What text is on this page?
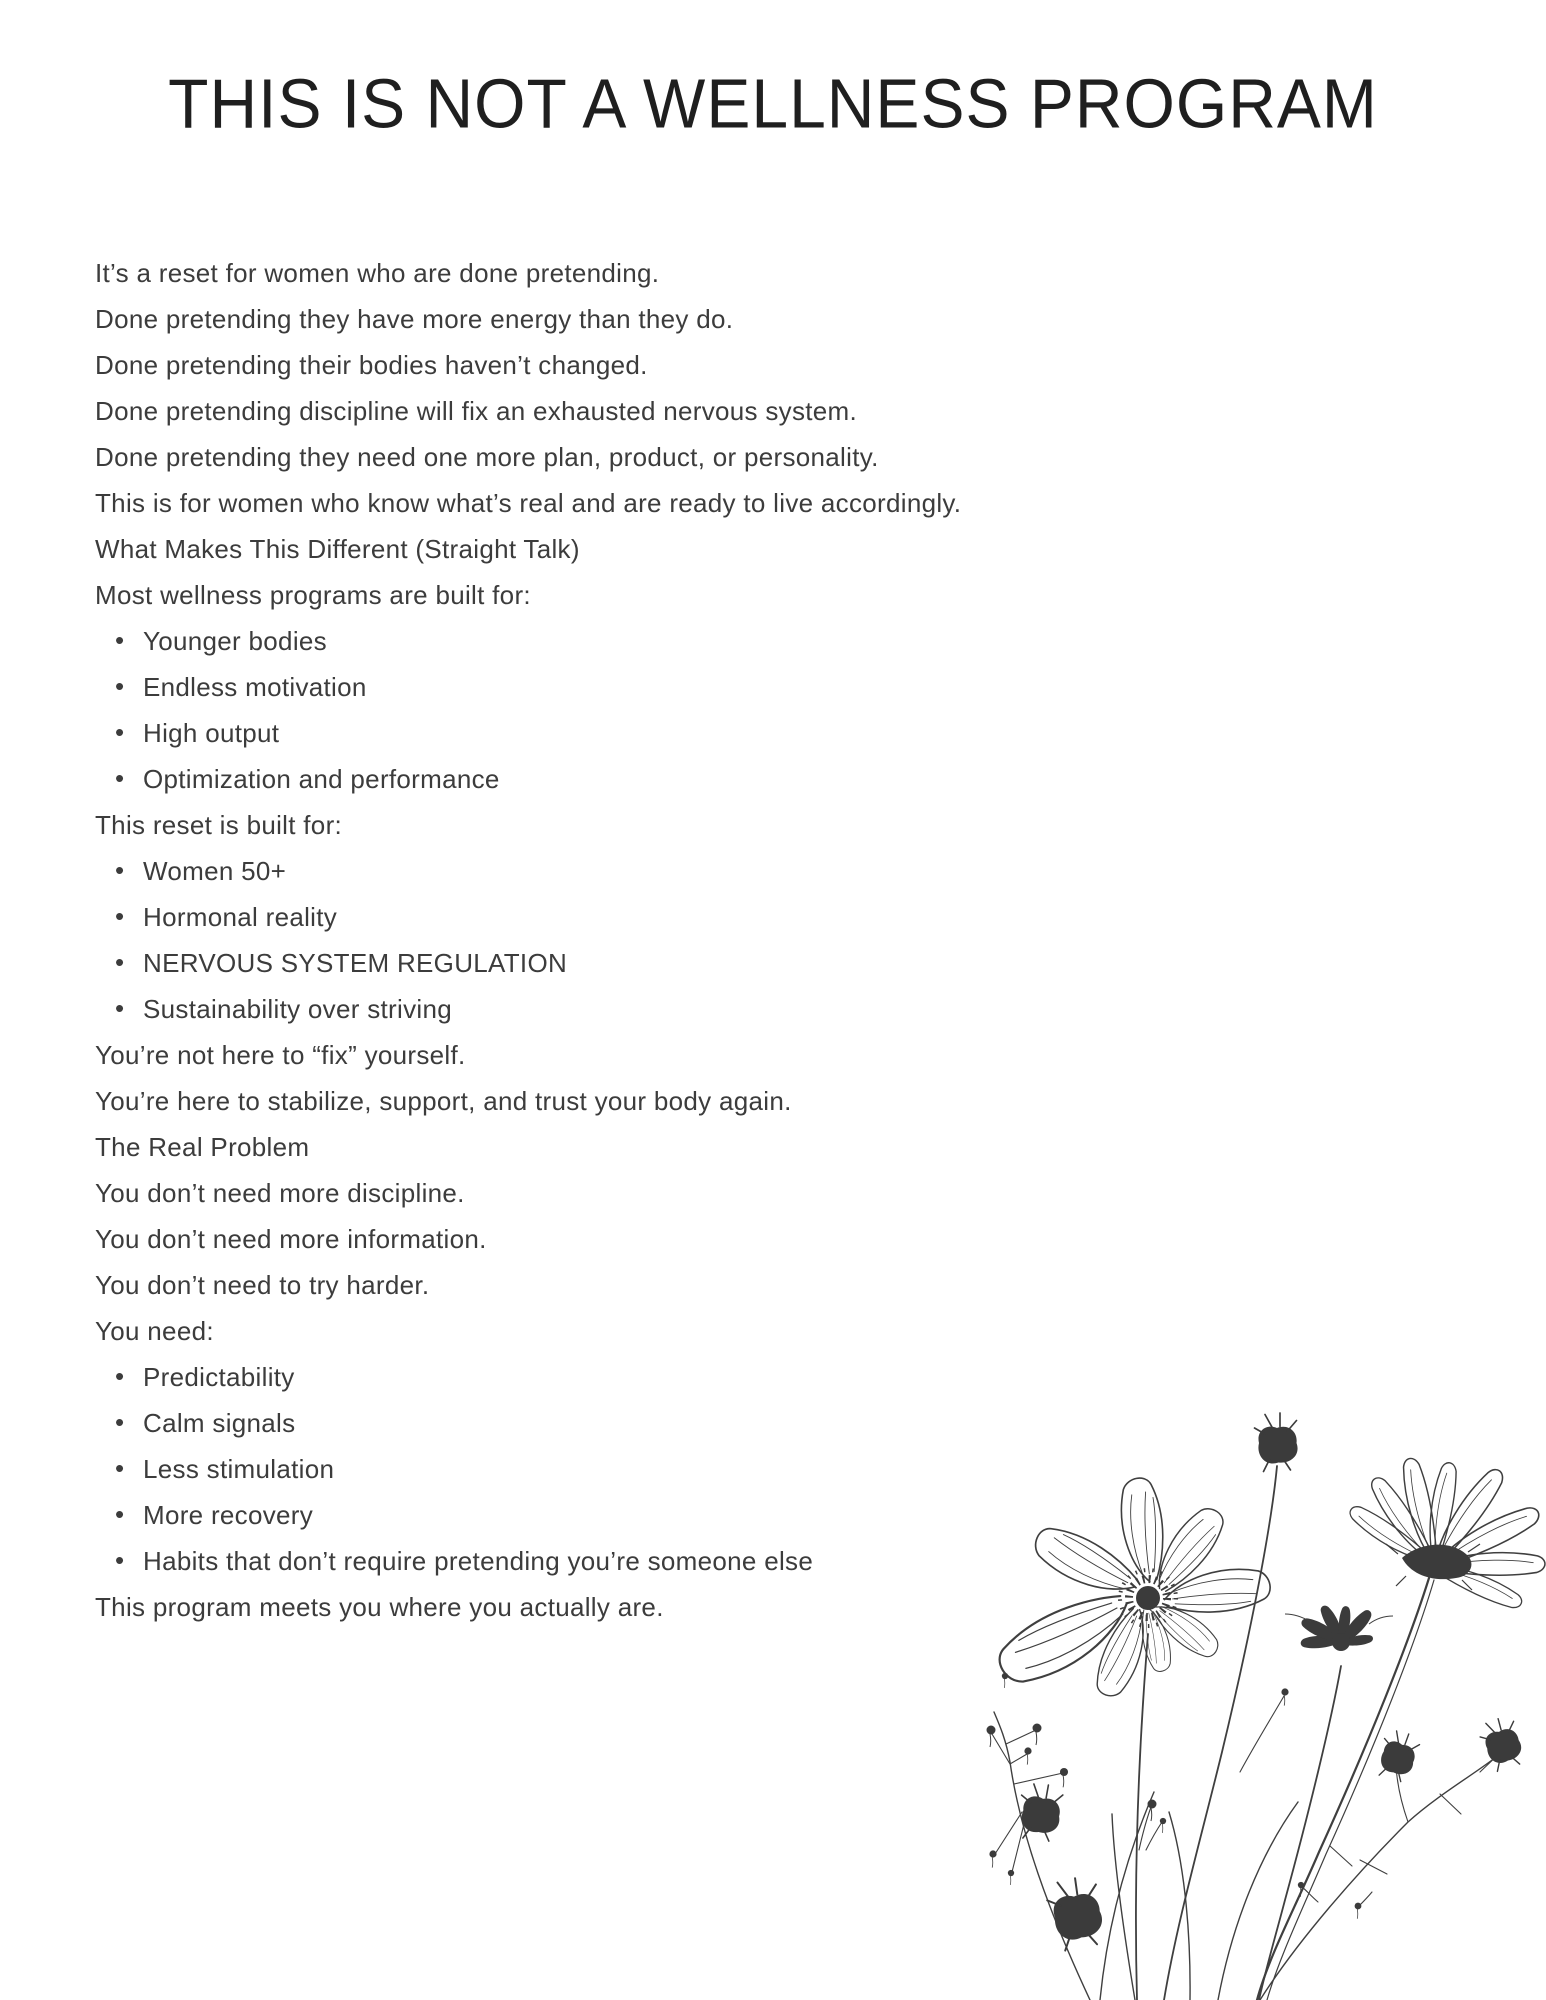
THIS IS NOT A WELLNESS PROGRAM

It’s a reset for women who are done pretending.

Done pretending they have more energy than they do.

Done pretending their bodies haven’t changed.

Done pretending discipline will fix an exhausted nervous system.

Done pretending they need one more plan, product, or personality.

This is for women who know what’s real and are ready to live accordingly.

What Makes This Different (Straight Talk)

Most wellness programs are built for:

• Younger bodies
• Endless motivation
• High output
• Optimization and performance

This reset is built for:

• Women 50+
• Hormonal reality
• NERVOUS SYSTEM REGULATION
• Sustainability over striving

You’re not here to “fix” yourself.

You’re here to stabilize, support, and trust your body again.

The Real Problem

You don’t need more discipline.

You don’t need more information.

You don’t need to try harder.

You need:

• Predictability
• Calm signals
• Less stimulation
• More recovery
• Habits that don’t require pretending you’re someone else

This program meets you where you actually are.
